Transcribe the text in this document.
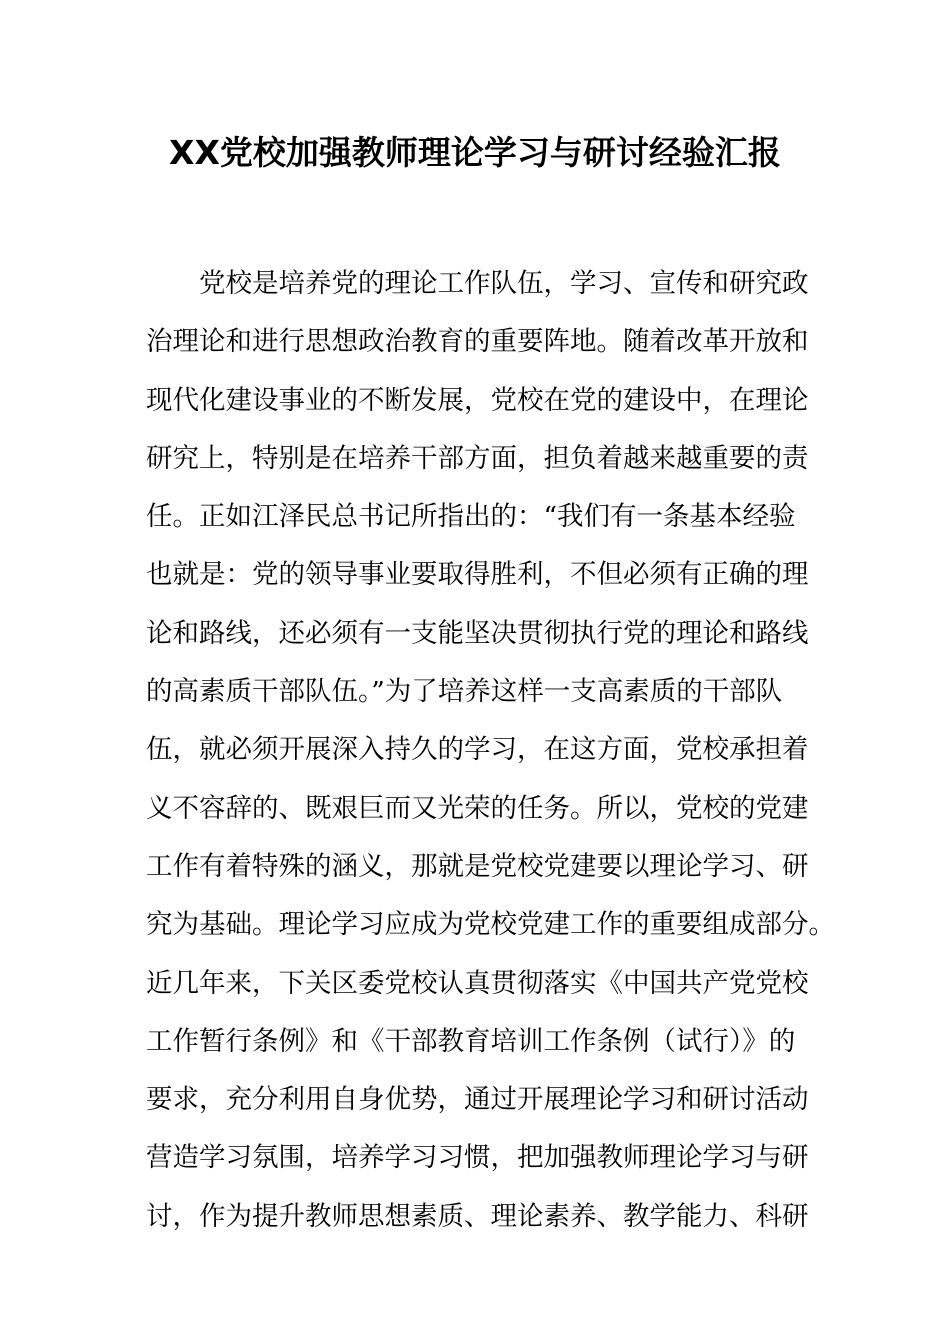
XX党校加强教师理论学习与研讨经验汇报
党校是培养党的理论工作队伍，学习、宣传和研究政
治理论和进行思想政治教育的重要阵地。随着改革开放和
现代化建设事业的不断发展，党校在党的建设中，在理论
研究上，特别是在培养干部方面，担负着越来越重要的责
任。正如江泽民总书记所指出的：“我们有一条基本经验
也就是：党的领导事业要取得胜利，不但必须有正确的理
论和路线，还必须有一支能坚决贯彻执行党的理论和路线
的高素质干部队伍。”为了培养这样一支高素质的干部队
伍，就必须开展深入持久的学习，在这方面，党校承担着
义不容辞的、既艰巨而又光荣的任务。所以，党校的党建
工作有着特殊的涵义，那就是党校党建要以理论学习、研
究为基础。理论学习应成为党校党建工作的重要组成部分。
近几年来，下关区委党校认真贯彻落实《中国共产党党校
工作暂行条例》和《干部教育培训工作条例（试行）》的
要求，充分利用自身优势，通过开展理论学习和研讨活动
营造学习氛围，培养学习习惯，把加强教师理论学习与研
讨，作为提升教师思想素质、理论素养、教学能力、科研
